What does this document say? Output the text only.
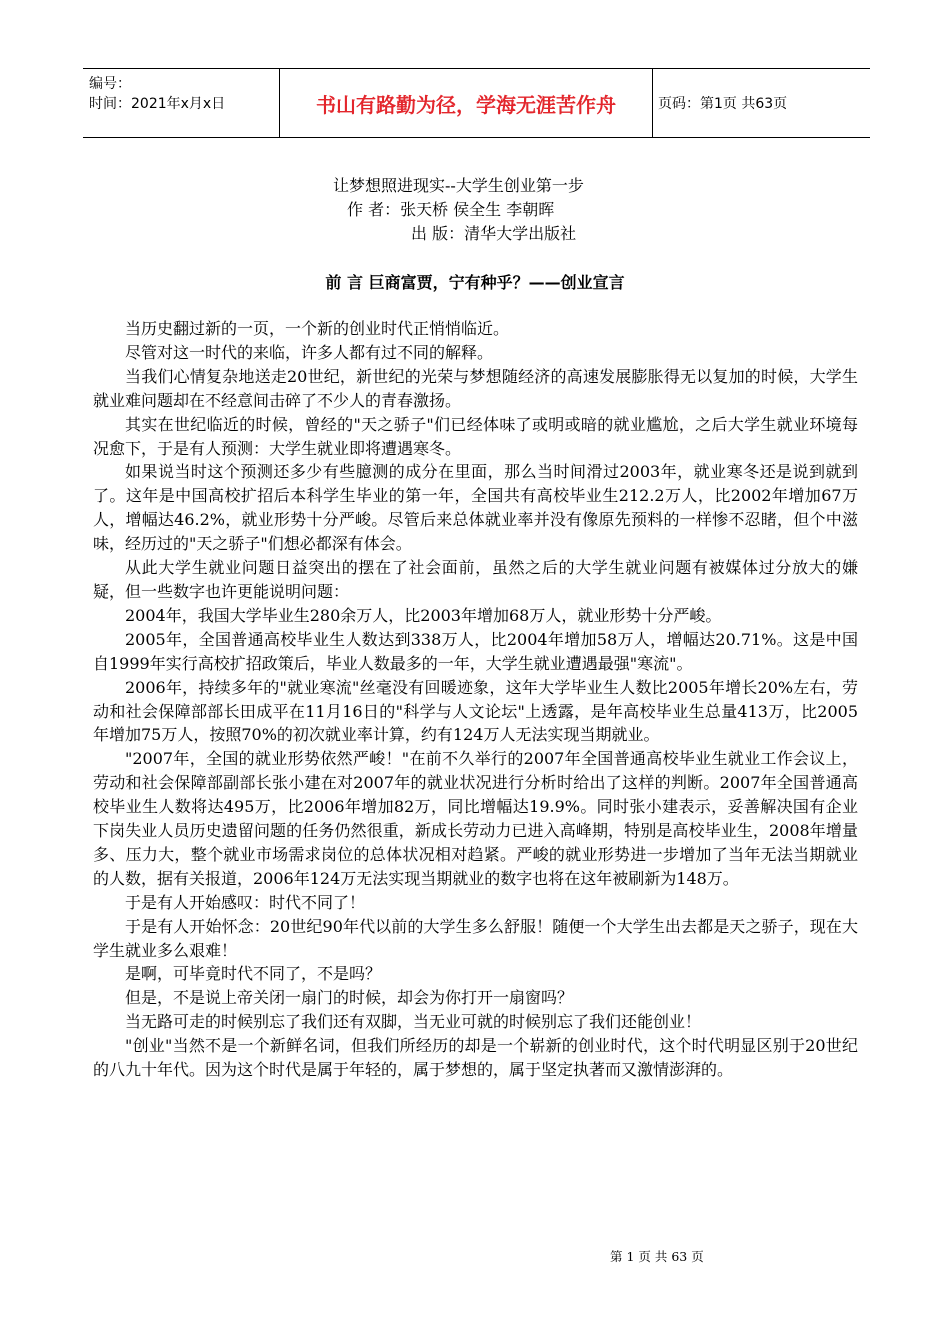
编号：
时间：2021年x月x日	书山有路勤为径，学海无涯苦作舟	页码：第1页 共63页
让梦想照进现实--大学生创业第一步
作 者：张天桥 侯全生 李朝晖
出 版：清华大学出版社
前 言 巨商富贾，宁有种乎？——创业宣言

当历史翻过新的一页，一个新的创业时代正悄悄临近。

尽管对这一时代的来临，许多人都有过不同的解释。

当我们心情复杂地送走20世纪，新世纪的光荣与梦想随经济的高速发展膨胀得无以复加的时候，大学生就业难问题却在不经意间击碎了不少人的青春激扬。

其实在世纪临近的时候，曾经的"天之骄子"们已经体味了或明或暗的就业尴尬，之后大学生就业环境每况愈下，于是有人预测：大学生就业即将遭遇寒冬。

如果说当时这个预测还多少有些臆测的成分在里面，那么当时间滑过2003年，就业寒冬还是说到就到了。这年是中国高校扩招后本科学生毕业的第一年，全国共有高校毕业生212.2万人，比2002年增加67万人，增幅达46.2%，就业形势十分严峻。尽管后来总体就业率并没有像原先预料的一样惨不忍睹，但个中滋味，经历过的"天之骄子"们想必都深有体会。

从此大学生就业问题日益突出的摆在了社会面前，虽然之后的大学生就业问题有被媒体过分放大的嫌疑，但一些数字也许更能说明问题：

2004年，我国大学毕业生280余万人，比2003年增加68万人，就业形势十分严峻。

2005年，全国普通高校毕业生人数达到338万人，比2004年增加58万人，增幅达20.71%。这是中国自1999年实行高校扩招政策后，毕业人数最多的一年，大学生就业遭遇最强"寒流"。

2006年，持续多年的"就业寒流"丝毫没有回暖迹象，这年大学毕业生人数比2005年增长20%左右，劳动和社会保障部部长田成平在11月16日的"科学与人文论坛"上透露，是年高校毕业生总量413万，比2005年增加75万人，按照70%的初次就业率计算，约有124万人无法实现当期就业。

"2007年，全国的就业形势依然严峻！"在前不久举行的2007年全国普通高校毕业生就业工作会议上，劳动和社会保障部副部长张小建在对2007年的就业状况进行分析时给出了这样的判断。2007年全国普通高校毕业生人数将达495万，比2006年增加82万，同比增幅达19.9%。同时张小建表示，妥善解决国有企业下岗失业人员历史遗留问题的任务仍然很重，新成长劳动力已进入高峰期，特别是高校毕业生，2008年增量多、压力大，整个就业市场需求岗位的总体状况相对趋紧。严峻的就业形势进一步增加了当年无法当期就业的人数，据有关报道，2006年124万无法实现当期就业的数字也将在这年被刷新为148万。

于是有人开始感叹：时代不同了！

于是有人开始怀念：20世纪90年代以前的大学生多么舒服！随便一个大学生出去都是天之骄子，现在大学生就业多么艰难！

是啊，可毕竟时代不同了，不是吗？

但是，不是说上帝关闭一扇门的时候，却会为你打开一扇窗吗？

当无路可走的时候别忘了我们还有双脚，当无业可就的时候别忘了我们还能创业！

"创业"当然不是一个新鲜名词，但我们所经历的却是一个崭新的创业时代，这个时代明显区别于20世纪的八九十年代。因为这个时代是属于年轻的，属于梦想的，属于坚定执著而又激情澎湃的。

第 1 页 共 63 页
